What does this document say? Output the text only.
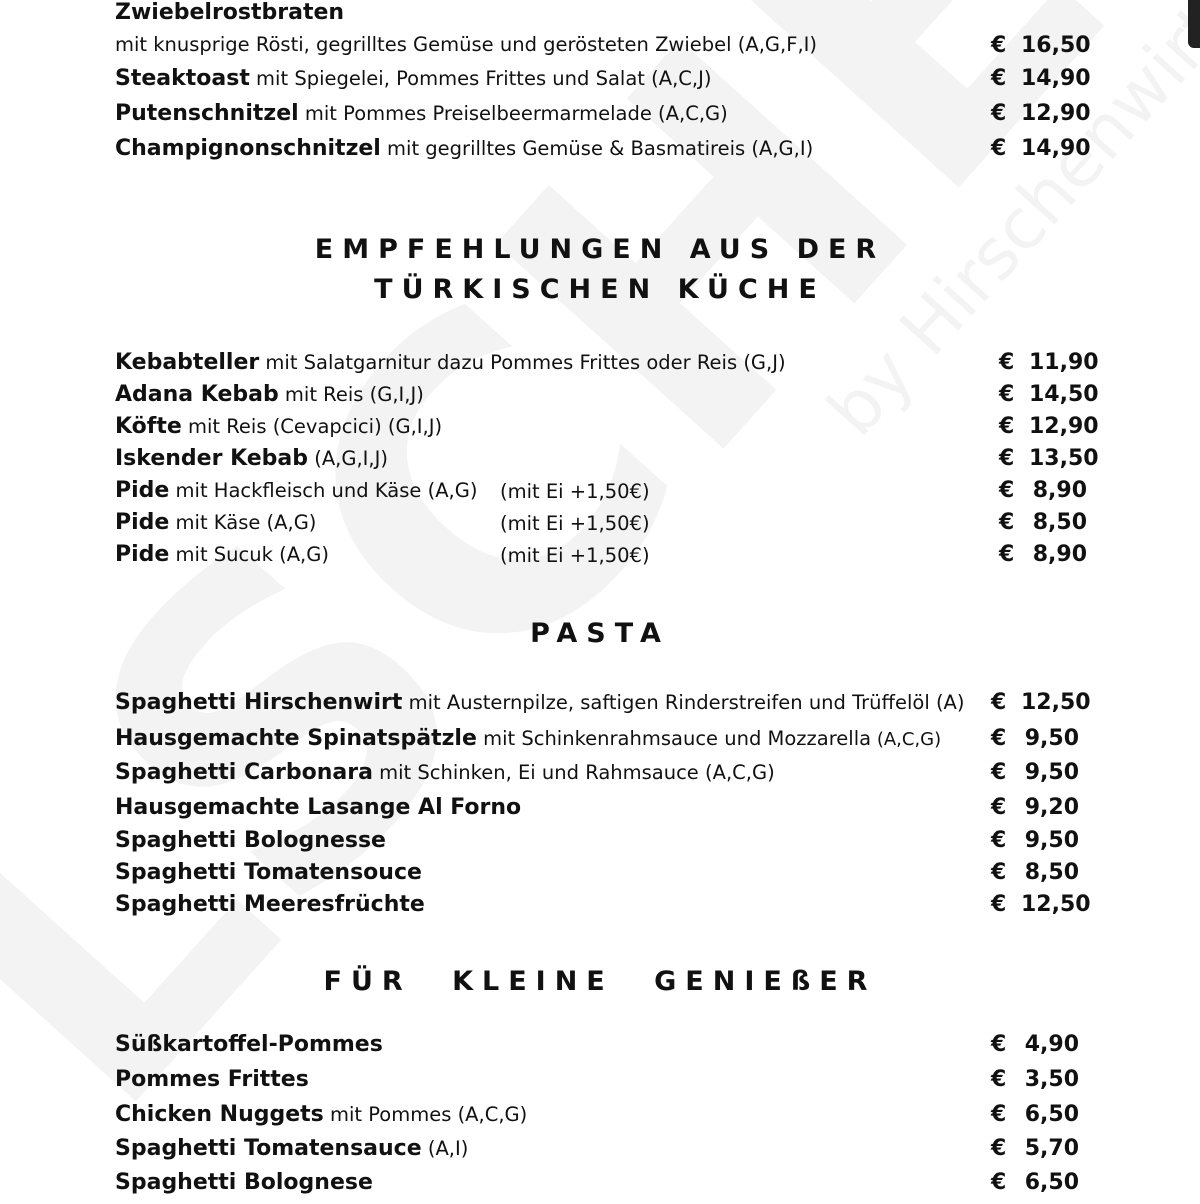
Zwiebelrostbraten
mit knusprige Rösti, gegrilltes Gemüse und gerösteten Zwiebel (A,G,F,I)	€ 16,50
Steaktoast mit Spiegelei, Pommes Frittes und Salat (A,C,J)	€ 14,90
Putenschnitzel mit Pommes Preiselbeermarmelade (A,C,G)	€ 12,90
Champignonschnitzel mit gegrilltes Gemüse & Basmatireis (A,G,I)	€ 14,90
EMPFEHLUNGEN AUS DER
TÜRKISCHEN KÜCHE
Kebabteller mit Salatgarnitur dazu Pommes Frittes oder Reis (G,J)	€ 11,90
Adana Kebab mit Reis (G,I,J)	€ 14,50
Köfte mit Reis (Cevapcici) (G,I,J)	€ 12,90
Iskender Kebab (A,G,I,J)	€ 13,50
Pide mit Hackfleisch und Käse (A,G) (mit Ei +1,50€)	€ 8,90
Pide mit Käse (A,G)	(mit Ei +1,50€)	€ 8,50
Pide mit Sucuk (A,G)	(mit Ei +1,50€)	€ 8,90
PASTA
Spaghetti Hirschenwirt mit Austernpilze, saftigen Rinderstreifen und Trüffelöl (A) € 12,50
Hausgemachte Spinatspätzle mit Schinkenrahmsauce und Mozzarella (A,C,G) € 9,50
Spaghetti Carbonara mit Schinken, Ei und Rahmsauce (A,C,G)	€ 9,50
Hausgemachte Lasange Al Forno	€ 9,20
Spaghetti Bolognesse	€ 9,50
Spaghetti Tomatensouce	€ 8,50
Spaghetti Meeresfrüchte	€ 12,50
FÜR KLEINE GENIEßER
Süßkartoffel-Pommes	€ 4,90
Pommes Frittes	€ 3,50
Chicken Nuggets mit Pommes (A,C,G)	€ 6,50
Spaghetti Tomatensauce (A,I)	€ 5,70
Spaghetti Bolognese	€ 6,50
